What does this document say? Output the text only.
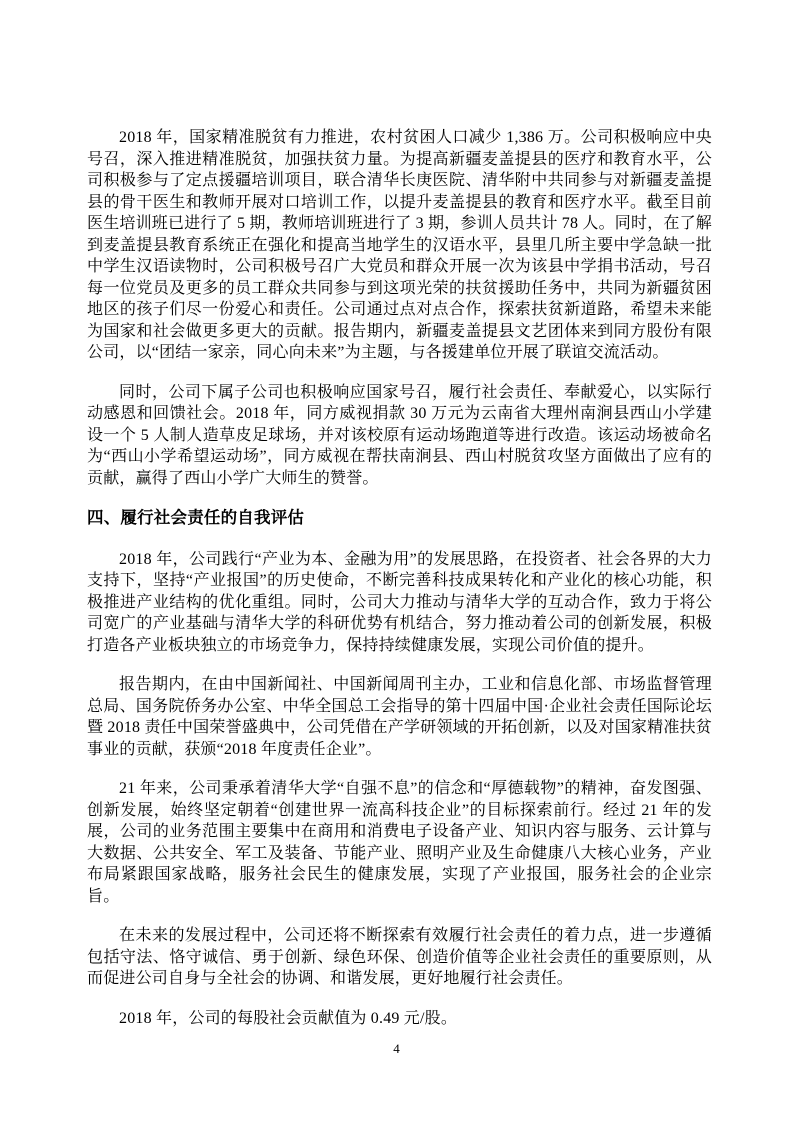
2018 年，国家精准脱贫有力推进，农村贫困人口减少 1,386 万。公司积极响应中央号召，深入推进精准脱贫，加强扶贫力量。为提高新疆麦盖提县的医疗和教育水平，公司积极参与了定点援疆培训项目，联合清华长庚医院、清华附中共同参与对新疆麦盖提县的骨干医生和教师开展对口培训工作，以提升麦盖提县的教育和医疗水平。截至目前医生培训班已进行了 5 期，教师培训班进行了 3 期，参训人员共计 78 人。同时，在了解到麦盖提县教育系统正在强化和提高当地学生的汉语水平，县里几所主要中学急缺一批中学生汉语读物时，公司积极号召广大党员和群众开展一次为该县中学捐书活动，号召每一位党员及更多的员工群众共同参与到这项光荣的扶贫援助任务中，共同为新疆贫困地区的孩子们尽一份爱心和责任。公司通过点对点合作，探索扶贫新道路，希望未来能为国家和社会做更多更大的贡献。报告期内，新疆麦盖提县文艺团体来到同方股份有限公司，以“团结一家亲，同心向未来”为主题，与各援建单位开展了联谊交流活动。

同时，公司下属子公司也积极响应国家号召，履行社会责任、奉献爱心，以实际行动感恩和回馈社会。2018 年，同方威视捐款 30 万元为云南省大理州南涧县西山小学建设一个 5 人制人造草皮足球场，并对该校原有运动场跑道等进行改造。该运动场被命名为“西山小学希望运动场”，同方威视在帮扶南涧县、西山村脱贫攻坚方面做出了应有的贡献，赢得了西山小学广大师生的赞誉。

四、履行社会责任的自我评估

2018 年，公司践行“产业为本、金融为用”的发展思路，在投资者、社会各界的大力支持下，坚持“产业报国”的历史使命，不断完善科技成果转化和产业化的核心功能，积极推进产业结构的优化重组。同时，公司大力推动与清华大学的互动合作，致力于将公司宽广的产业基础与清华大学的科研优势有机结合，努力推动着公司的创新发展，积极打造各产业板块独立的市场竞争力，保持持续健康发展，实现公司价值的提升。

报告期内，在由中国新闻社、中国新闻周刊主办，工业和信息化部、市场监督管理总局、国务院侨务办公室、中华全国总工会指导的第十四届中国·企业社会责任国际论坛暨 2018 责任中国荣誉盛典中，公司凭借在产学研领域的开拓创新，以及对国家精准扶贫事业的贡献，获颁“2018 年度责任企业”。

21 年来，公司秉承着清华大学“自强不息”的信念和“厚德载物”的精神，奋发图强、创新发展，始终坚定朝着“创建世界一流高科技企业”的目标探索前行。经过 21 年的发展，公司的业务范围主要集中在商用和消费电子设备产业、知识内容与服务、云计算与大数据、公共安全、军工及装备、节能产业、照明产业及生命健康八大核心业务，产业布局紧跟国家战略，服务社会民生的健康发展，实现了产业报国，服务社会的企业宗旨。

在未来的发展过程中，公司还将不断探索有效履行社会责任的着力点，进一步遵循包括守法、恪守诚信、勇于创新、绿色环保、创造价值等企业社会责任的重要原则，从而促进公司自身与全社会的协调、和谐发展，更好地履行社会责任。

2018 年，公司的每股社会贡献值为 0.49 元/股。

4
